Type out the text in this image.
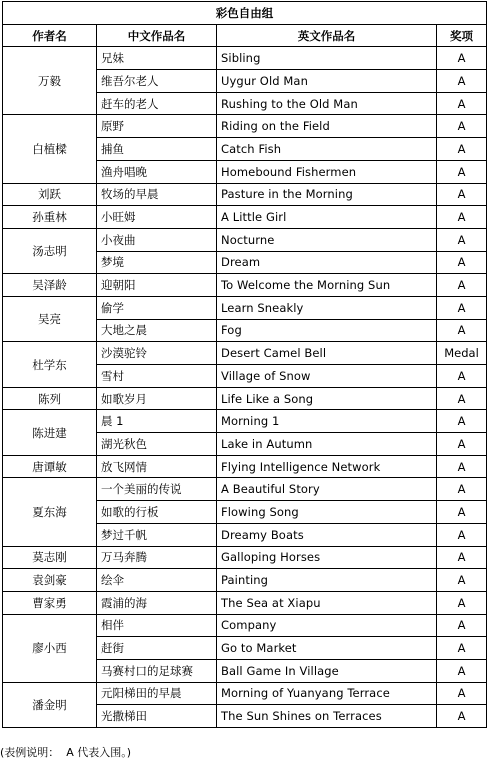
彩色自由组			
作者名	中文作品名	英文作品名	奖项
万毅	兄妹	Sibling	A
	维吾尔老人	Uygur Old Man	A
	赶车的老人	Rushing to the Old Man	A
白植樑	原野	Riding on the Field	A
	捕鱼	Catch Fish	A
	渔舟唱晚	Homebound Fishermen	A
刘跃	牧场的早晨	Pasture in the Morning	A
孙重林	小旺姆	A Little Girl	A
汤志明	小夜曲	Nocturne	A
	梦境	Dream	A
吴泽龄	迎朝阳	To Welcome the Morning Sun	A
吴亮	偷学	Learn Sneakly	A
	大地之晨	Fog	A
杜学东	沙漠驼铃	Desert Camel Bell	Medal
	雪村	Village of Snow	A
陈列	如歌岁月	Life Like a Song	A
陈进建	晨 1	Morning 1	A
	湖光秋色	Lake in Autumn	A
唐谭敏	放飞网情	Flying Intelligence Network	A
夏东海	一个美丽的传说	A Beautiful Story	A
	如歌的行板	Flowing Song	A
	梦过千帆	Dreamy Boats	A
莫志刚	万马奔腾	Galloping Horses	A
袁剑豪	绘伞	Painting	A
曹家勇	霞浦的海	The Sea at Xiapu	A
廖小西	相伴	Company	A
	赶街	Go to Market	A
	马赛村口的足球赛	Ball Game In Village	A
潘金明	元阳梯田的早晨	Morning of Yuanyang Terrace	A
	光撒梯田	The Sun Shines on Terraces	A
(表例说明：  A 代表入围。)
